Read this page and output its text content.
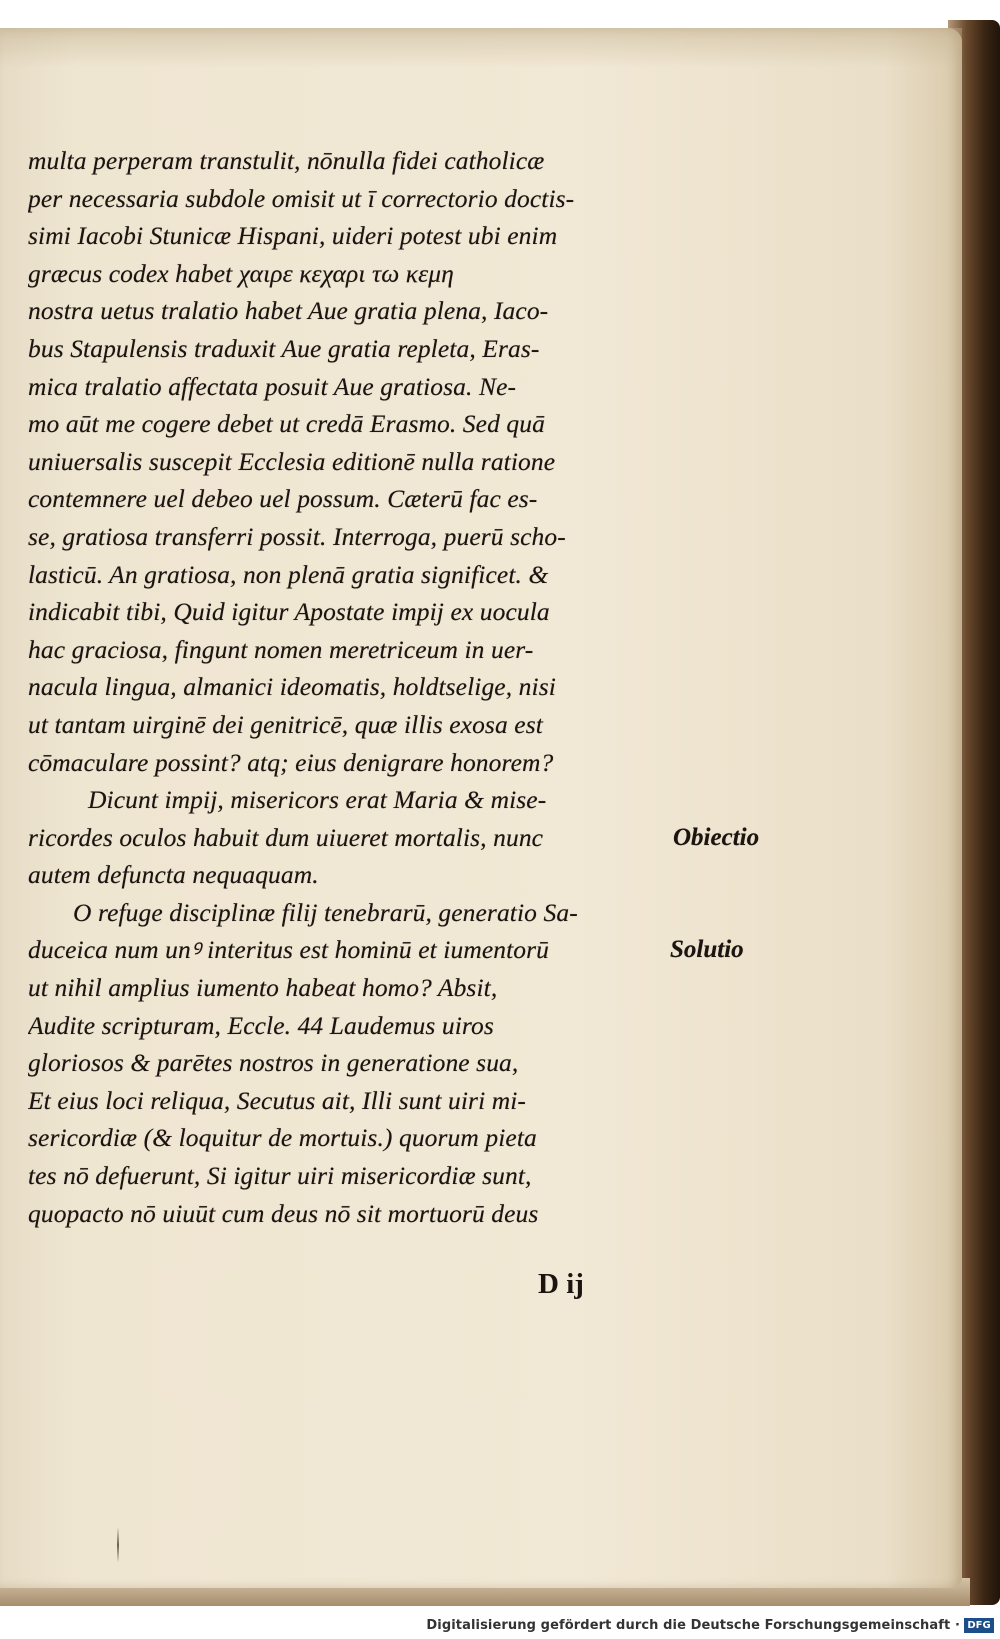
multa perperam transtulit, nōnulla fidei catholicæ
per necessaria subdole omisit ut ī correctorio doctis-
simi Iacobi Stunicæ Hispani, uideri potest ubi enim
græcus codex habet χαιρε κεχαρι τω κεμη
nostra uetus tralatio habet Aue gratia plena, Iaco-
bus Stapulensis traduxit Aue gratia repleta, Eras-
mica tralatio affectata posuit Aue gratiosa. Ne-
mo aūt me cogere debet ut credā Erasmo. Sed quā
uniuersalis suscepit Ecclesia editionē nulla ratione
contemnere uel debeo uel possum. Cæterū fac es-
se, gratiosa transferri possit. Interroga, puerū scho-
lasticū. An gratiosa, non plenā gratia significet. &
indicabit tibi, Quid igitur Apostate impij ex uocula
hac graciosa, fingunt nomen meretriceum in uer-
nacula lingua, almanici ideomatis, holdtselige, nisi
ut tantam uirginē dei genitricē, quæ illis exosa est
cōmaculare possint? atq; eius denigrare honorem?
Dicunt impij, misericors erat Maria & mise-
ricordes oculos habuit dum uiueret mortalis, nunc
autem defuncta nequaquam.
O refuge disciplinæ filij tenebrarū, generatio Sa-
duceica num unꝰ interitus est hominū et iumentorū
ut nihil amplius iumento habeat homo? Absit,
Audite scripturam, Eccle. 44 Laudemus uiros
gloriosos & parētes nostros in generatione sua,
Et eius loci reliqua, Secutus ait, Illi sunt uiri mi-
sericordiæ (& loquitur de mortuis.) quorum pieta
tes nō defuerunt, Si igitur uiri misericordiæ sunt,
quopacto nō uiuūt cum deus nō sit mortuorū deus
Obiectio
Solutio
D ij
Digitalisierung gefördert durch die Deutsche Forschungsgemeinschaft · DFG
